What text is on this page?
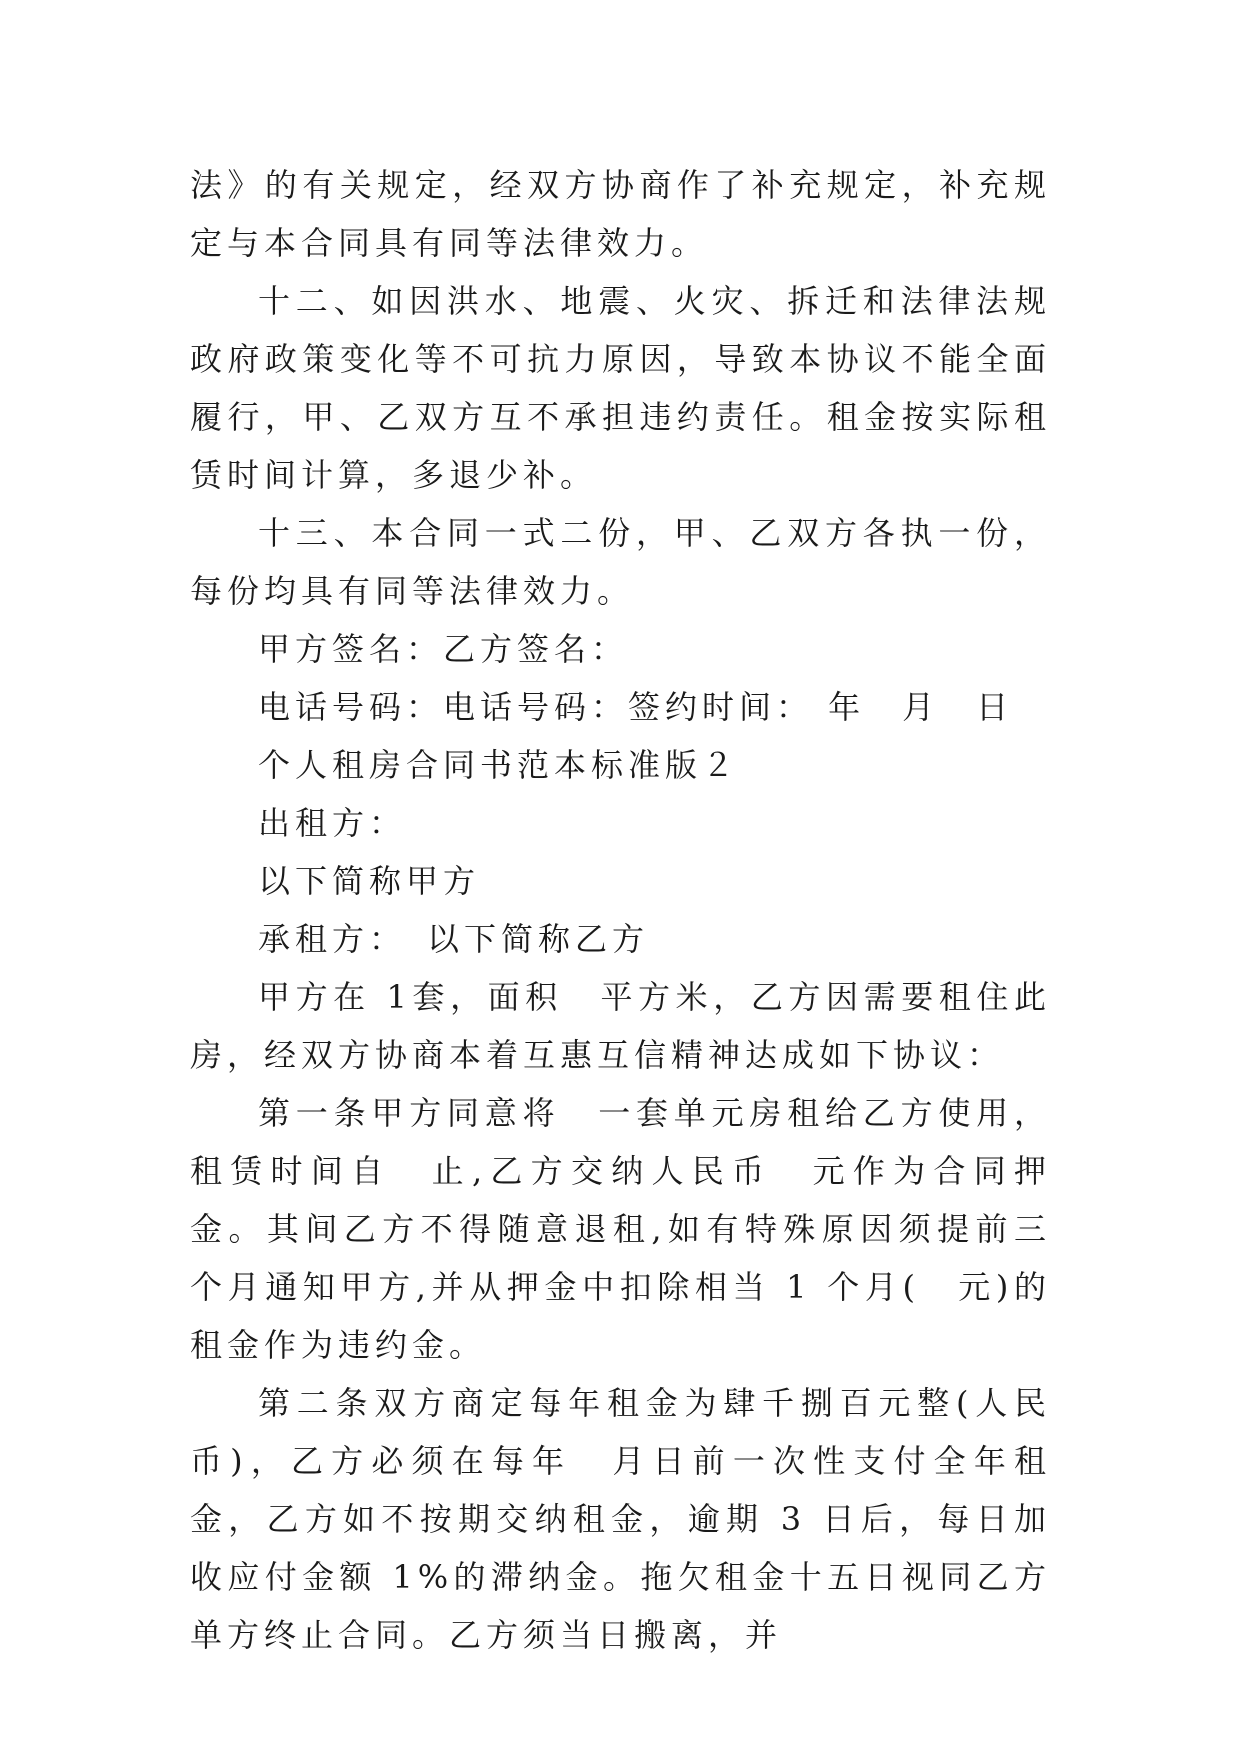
法》的有关规定，经双方协商作了补充规定，补充规定与本合同具有同等法律效力。

十二、如因洪水、地震、火灾、拆迁和法律法规政府政策变化等不可抗力原因，导致本协议不能全面履行，甲、乙双方互不承担违约责任。租金按实际租赁时间计算，多退少补。

十三、本合同一式二份，甲、乙双方各执一份，每份均具有同等法律效力。

甲方签名：乙方签名：

电话号码：电话号码：签约时间： 年　月　日

个人租房合同书范本标准版２

出租方：

以下简称甲方

承租方：　以下简称乙方

甲方在 1套，面积　平方米，乙方因需要租住此房，经双方协商本着互惠互信精神达成如下协议：

第一条甲方同意将　一套单元房租给乙方使用，租赁时间自　止,乙方交纳人民币　元作为合同押金。其间乙方不得随意退租,如有特殊原因须提前三个月通知甲方,并从押金中扣除相当 1 个月(　元)的租金作为违约金。

第二条双方商定每年租金为肆千捌百元整(人民币)，乙方必须在每年　月日前一次性支付全年租金，乙方如不按期交纳租金，逾期 3 日后，每日加收应付金额 1%的滞纳金。拖欠租金十五日视同乙方单方终止合同。乙方须当日搬离，并
